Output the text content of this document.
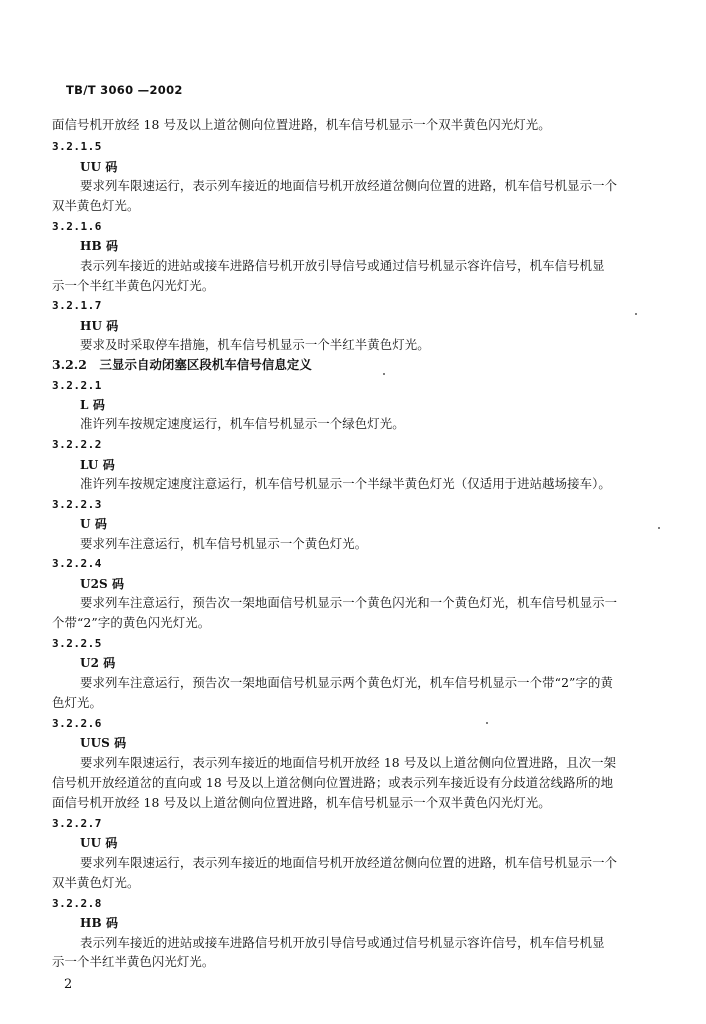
TB/T 3060 —2002
面信号机开放经 18 号及以上道岔侧向位置进路，机车信号机显示一个双半黄色闪光灯光。
3.2.1.5
UU 码
要求列车限速运行，表示列车接近的地面信号机开放经道岔侧向位置的进路，机车信号机显示一个
双半黄色灯光。
3.2.1.6
HB 码
表示列车接近的进站或接车进路信号机开放引导信号或通过信号机显示容许信号，机车信号机显
示一个半红半黄色闪光灯光。
3.2.1.7
HU 码
要求及时采取停车措施，机车信号机显示一个半红半黄色灯光。
3.2.2　三显示自动闭塞区段机车信号信息定义
3.2.2.1
L 码
准许列车按规定速度运行，机车信号机显示一个绿色灯光。
3.2.2.2
LU 码
准许列车按规定速度注意运行，机车信号机显示一个半绿半黄色灯光（仅适用于进站越场接车）。
3.2.2.3
U 码
要求列车注意运行，机车信号机显示一个黄色灯光。
3.2.2.4
U2S 码
要求列车注意运行，预告次一架地面信号机显示一个黄色闪光和一个黄色灯光，机车信号机显示一
个带“2”字的黄色闪光灯光。
3.2.2.5
U2 码
要求列车注意运行，预告次一架地面信号机显示两个黄色灯光，机车信号机显示一个带“2”字的黄
色灯光。
3.2.2.6
UUS 码
要求列车限速运行，表示列车接近的地面信号机开放经 18 号及以上道岔侧向位置进路，且次一架
信号机开放经道岔的直向或 18 号及以上道岔侧向位置进路；或表示列车接近设有分歧道岔线路所的地
面信号机开放经 18 号及以上道岔侧向位置进路，机车信号机显示一个双半黄色闪光灯光。
3.2.2.7
UU 码
要求列车限速运行，表示列车接近的地面信号机开放经道岔侧向位置的进路，机车信号机显示一个
双半黄色灯光。
3.2.2.8
HB 码
表示列车接近的进站或接车进路信号机开放引导信号或通过信号机显示容许信号，机车信号机显
示一个半红半黄色闪光灯光。
2
